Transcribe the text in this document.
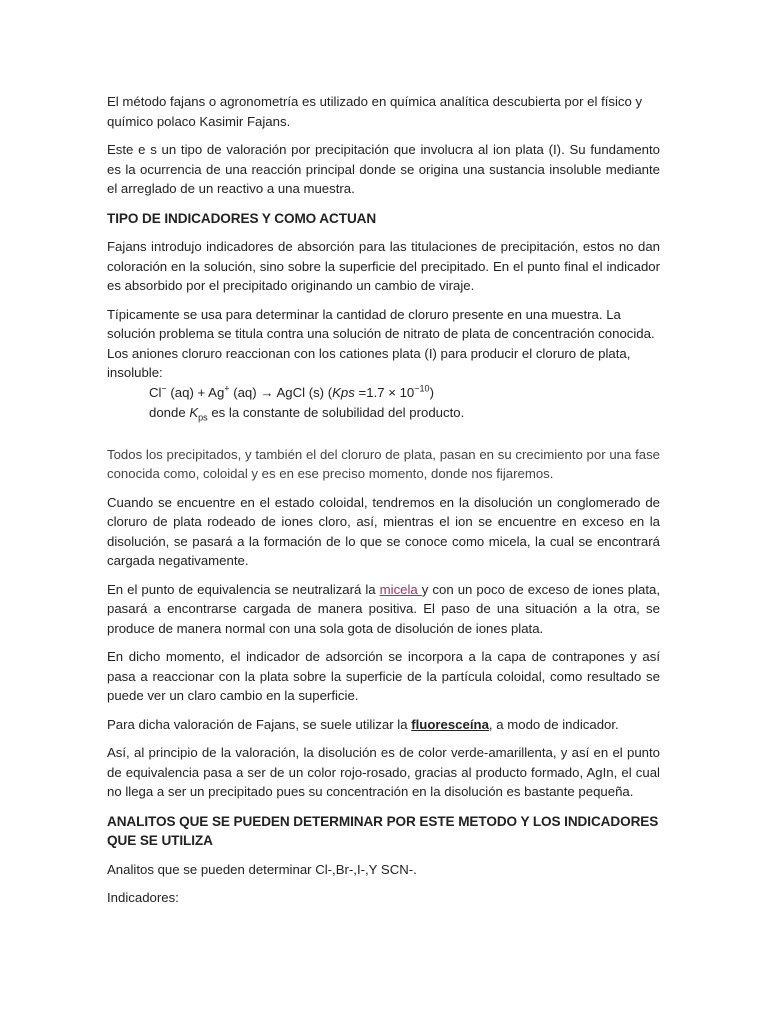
El método fajans o agronometría es utilizado en química analítica descubierta por el físico y químico polaco Kasimir Fajans.

Este e s un tipo de valoración por precipitación que involucra al ion plata (I). Su fundamento es la ocurrencia de una reacción principal donde se origina una sustancia insoluble mediante el arreglado de un reactivo a una muestra.

TIPO DE INDICADORES Y COMO ACTUAN

Fajans introdujo indicadores de absorción para las titulaciones de precipitación, estos no dan coloración en la solución, sino sobre la superficie del precipitado. En el punto final el indicador es absorbido por el precipitado originando un cambio de viraje.

Típicamente se usa para determinar la cantidad de cloruro presente en una muestra. La solución problema se titula contra una solución de nitrato de plata de concentración conocida.

Los aniones cloruro reaccionan con los cationes plata (I) para producir el cloruro de plata, insoluble:

Cl− (aq) + Ag+ (aq) → AgCl (s) $(Kps =1.7 \times 10^{-10})$
donde $K_{ps}$ es la constante de solubilidad del producto.

Todos los precipitados, y también el del cloruro de plata, pasan en su crecimiento por una fase conocida como, coloidal y es en ese preciso momento, donde nos fijaremos.

Cuando se encuentre en el estado coloidal, tendremos en la disolución un conglomerado de cloruro de plata rodeado de iones cloro, así, mientras el ion se encuentre en exceso en la disolución, se pasará a la formación de lo que se conoce como micela, la cual se encontrará cargada negativamente.

En el punto de equivalencia se neutralizará la micela y con un poco de exceso de iones plata, pasará a encontrarse cargada de manera positiva. El paso de una situación a la otra, se produce de manera normal con una sola gota de disolución de iones plata.

En dicho momento, el indicador de adsorción se incorpora a la capa de contrapones y así pasa a reaccionar con la plata sobre la superficie de la partícula coloidal, como resultado se puede ver un claro cambio en la superficie.

Para dicha valoración de Fajans, se suele utilizar la fluoresceína, a modo de indicador.

Así, al principio de la valoración, la disolución es de color verde-amarillenta, y así en el punto de equivalencia pasa a ser de un color rojo-rosado, gracias al producto formado, AgIn, el cual no llega a ser un precipitado pues su concentración en la disolución es bastante pequeña.

ANALITOS QUE SE PUEDEN DETERMINAR POR ESTE METODO Y LOS INDICADORES QUE SE UTILIZA

Analitos que se pueden determinar Cl-,Br-,I-,Y SCN-.

Indicadores:
